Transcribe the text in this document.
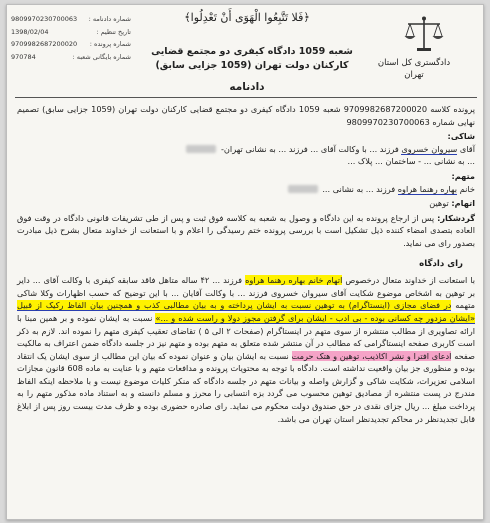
﴿فَلا تَتَّبِعُوا الْهَوَى أَنْ تَعْدِلُوا﴾
9809970230700063 شماره دادنامه :
1398/02/04	تاریخ تنظیم :
9709982687200020 شماره پرونده :
970784	شماره بایگانی شعبه :
دادگستری کل استان
تهران
شعبه 1059 دادگاه کیفری دو مجتمع قضایی
کارکنان دولت تهران (1059 جزایی سابق)
دادنامه

پرونده کلاسه 9709982687200020 شعبه 1059 دادگاه کیفری دو مجتمع قضایی کارکنان دولت تهران (1059 جزایی سابق) تصمیم نهایی شماره 9809970230700063

شاکی:
آقای سیروان خسروی فرزند ... با وکالت آقای ... فرزند ... به نشانی تهران-
... به نشانی ... - ساختمان ... پلاک ...

متهم:
خانم بهاره رهنما هراوه فرزند ... به نشانی ...

اتهام: توهین

گردشکار: پس از ارجاع پرونده به این دادگاه و وصول به شعبه به کلاسه فوق ثبت و پس از طی تشریفات قانونی دادگاه در وقت فوق العاده بتصدی امضاء کننده ذیل تشکیل است با بررسی پرونده ختم رسیدگی را اعلام و با استعانت از خداوند متعال بشرح ذیل مبادرت بصدور رای می نماید.

رای دادگاه

با استعانت از خداوند متعال درخصوص اتهام خانم بهاره رهنما هراوه فرزند ... ۴۲ ساله متاهل فاقد سابقه کیفری با وکالت آقای ... دایر بر توهین به اشخاص موضوع شکایت آقای سیروان خسروی فرزند ... با وکالت آقایان ... با این توضیح که حسب اظهارات وکلا شاکی متهمه در فضای مجازی (اینستاگرام) به توهین نسبت به ایشان پرداخته و به بیان مطالبی کذب و همچنین بیان الفاظ رکیک از قبیل «ایشان مزدور چه کسانی بوده - بی ادب - ایشان برای گرفتن مجوز دولا و راست شده و ...» نسبت به ایشان نموده و بر همین مبنا با ارائه تصاویری از مطالب منتشره از سوی متهم در اینستاگرام (صفحات ۲ الی ۵ ) تقاضای تعقیب کیفری متهم را نموده اند. لازم به ذکر است کاربری صفحه اینستاگرامی که مطالب در آن منتشر شده متعلق به متهم بوده و متهم نیز در جلسه دادگاه ضمن اعتراف به مالکیت صفحه ادعای افترا و نشر اکاذیب، توهین و هتک حرمت نسبت به ایشان بیان و عنوان نموده که بیان این مطالب از سوی ایشان یک انتقاد بوده و منظوری جز بیان واقعیت نداشته است. دادگاه با توجه به محتویات پرونده و مدافعات متهم و با عنایت به ماده 608 قانون مجازات اسلامی تعزیرات، شکایت شاکی و گزارش واصله و بیانات متهم در جلسه دادگاه که منکر کلیات موضوع نیست و با ملاحظه اینکه الفاظ مندرج در پست منتشره از مصادیق توهین محسوب می گردد بزه انتسابی را محرز و مسلم دانسته و به استناد ماده مذکور متهم را به پرداخت مبلغ ... ریال جزای نقدی در حق صندوق دولت محکوم می نماید. رای صادره حضوری بوده و ظرف مدت بیست روز پس از ابلاغ قابل تجدیدنظر در محاکم تجدیدنظر استان تهران می باشد.
